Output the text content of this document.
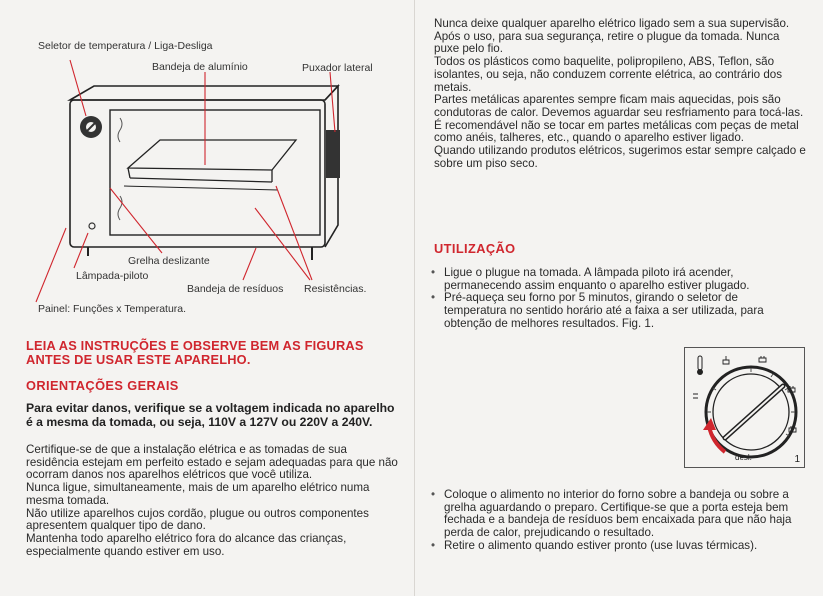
Seletor de temperatura / Liga-Desliga
Bandeja de alumínio	Puxador lateral
Grelha deslizante
Lâmpada-piloto
Bandeja de resíduos Resistências.
Painel: Funções x Temperatura.
LEIA AS INSTRUÇÕES E OBSERVE BEM AS FIGURAS ANTES DE USAR ESTE APARELHO.
ORIENTAÇÕES GERAIS
Para evitar danos, verifique se a voltagem indicada no aparelho é a mesma da tomada, ou seja, 110V a 127V ou 220V a 240V.

Certifique-se de que a instalação elétrica e as tomadas de sua residência estejam em perfeito estado e sejam adequadas para que não ocorram danos nos aparelhos elétricos que você utiliza.

Nunca ligue, simultaneamente, mais de um aparelho elétrico numa mesma tomada.

Não utilize aparelhos cujos cordão, plugue ou outros componentes apresentem qualquer tipo de dano.

Mantenha todo aparelho elétrico fora do alcance das crianças, especialmente quando estiver em uso.

Nunca deixe qualquer aparelho elétrico ligado sem a sua supervisão.

Após o uso, para sua segurança, retire o plugue da tomada. Nunca puxe pelo fio.

Todos os plásticos como baquelite, polipropileno, ABS, Teflon, são isolantes, ou seja, não conduzem corrente elétrica, ao contrário dos metais.

Partes metálicas aparentes sempre ficam mais aquecidas, pois são condutoras de calor. Devemos aguardar seu resfriamento para tocá-las.

É recomendável não se tocar em partes metálicas com peças de metal como anéis, talheres, etc., quando o aparelho estiver ligado.

Quando utilizando produtos elétricos, sugerimos estar sempre calçado e sobre um piso seco.

UTILIZAÇÃO
• Ligue o plugue na tomada. A lâmpada piloto irá acender, permanecendo assim enquanto o aparelho estiver plugado.
• Pré-aqueça seu forno por 5 minutos, girando o seletor de temperatura no sentido horário até a faixa a ser utilizada, para obtenção de melhores resultados. Fig. 1.
desl.	1
• Coloque o alimento no interior do forno sobre a bandeja ou sobre a grelha aguardando o preparo. Certifique-se que a porta esteja bem fechada e a bandeja de resíduos bem encaixada para que não haja perda de calor, prejudicando o resultado.
• Retire o alimento quando estiver pronto (use luvas térmicas).
